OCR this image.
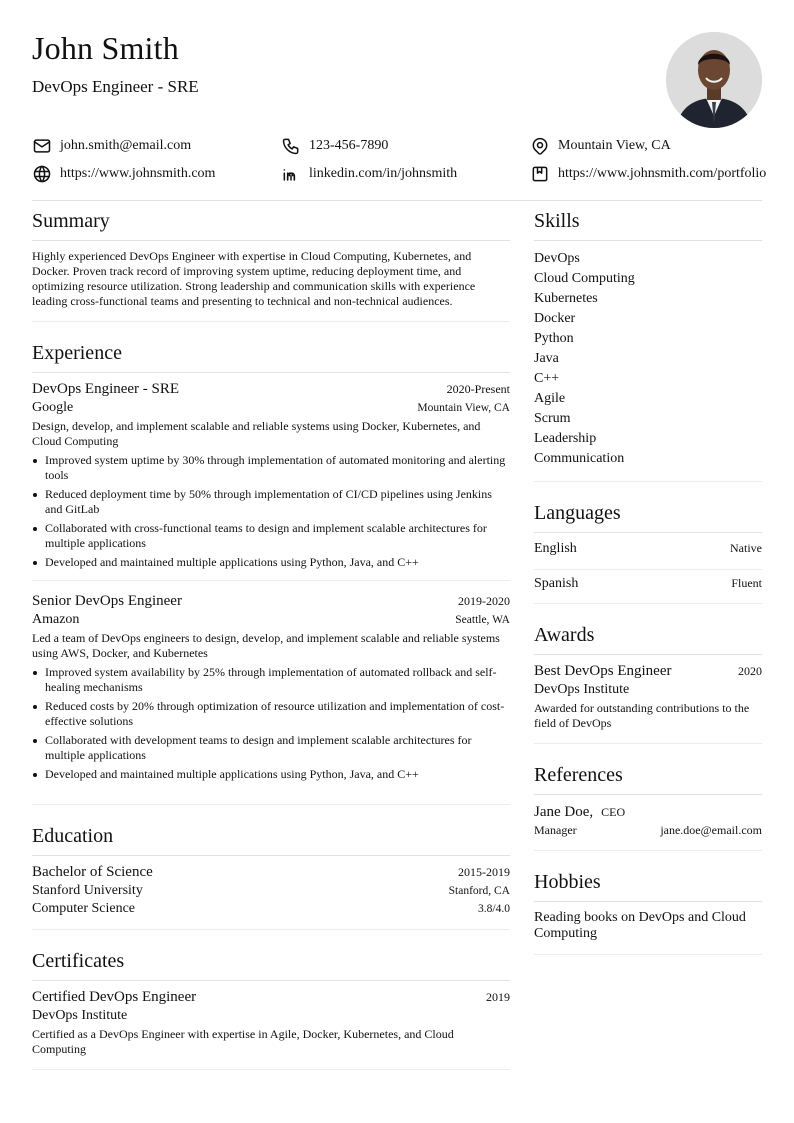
John Smith
DevOps Engineer - SRE
john.smith@email.com	123-456-7890	Mountain View, CA
https://www.johnsmith.com	linkedin.com/in/johnsmith	https://www.johnsmith.com/portfolio
Summary
Highly experienced DevOps Engineer with expertise in Cloud Computing, Kubernetes, and Docker. Proven track record of improving system uptime, reducing deployment time, and optimizing resource utilization. Strong leadership and communication skills with experience leading cross-functional teams and presenting to technical and non-technical audiences.
Experience
DevOps Engineer - SRE	2020-Present
Google	Mountain View, CA
Design, develop, and implement scalable and reliable systems using Docker, Kubernetes, and Cloud Computing
Improved system uptime by 30% through implementation of automated monitoring and alerting tools
Reduced deployment time by 50% through implementation of CI/CD pipelines using Jenkins and GitLab
Collaborated with cross-functional teams to design and implement scalable architectures for multiple applications
Developed and maintained multiple applications using Python, Java, and C++
Senior DevOps Engineer	2019-2020
Amazon	Seattle, WA
Led a team of DevOps engineers to design, develop, and implement scalable and reliable systems using AWS, Docker, and Kubernetes
Improved system availability by 25% through implementation of automated rollback and self-healing mechanisms
Reduced costs by 20% through optimization of resource utilization and implementation of cost-effective solutions
Collaborated with development teams to design and implement scalable architectures for multiple applications
Developed and maintained multiple applications using Python, Java, and C++
Education
Bachelor of Science	2015-2019
Stanford University	Stanford, CA
Computer Science	3.8/4.0
Certificates
Certified DevOps Engineer	2019
DevOps Institute
Certified as a DevOps Engineer with expertise in Agile, Docker, Kubernetes, and Cloud Computing
Skills
DevOps
Cloud Computing
Kubernetes
Docker
Python
Java
C++
Agile
Scrum
Leadership
Communication
Languages
English	Native
Spanish	Fluent
Awards
Best DevOps Engineer	2020
DevOps Institute
Awarded for outstanding contributions to the field of DevOps
References
Jane Doe, CEO
Manager	jane.doe@email.com
Hobbies
Reading books on DevOps and Cloud Computing
